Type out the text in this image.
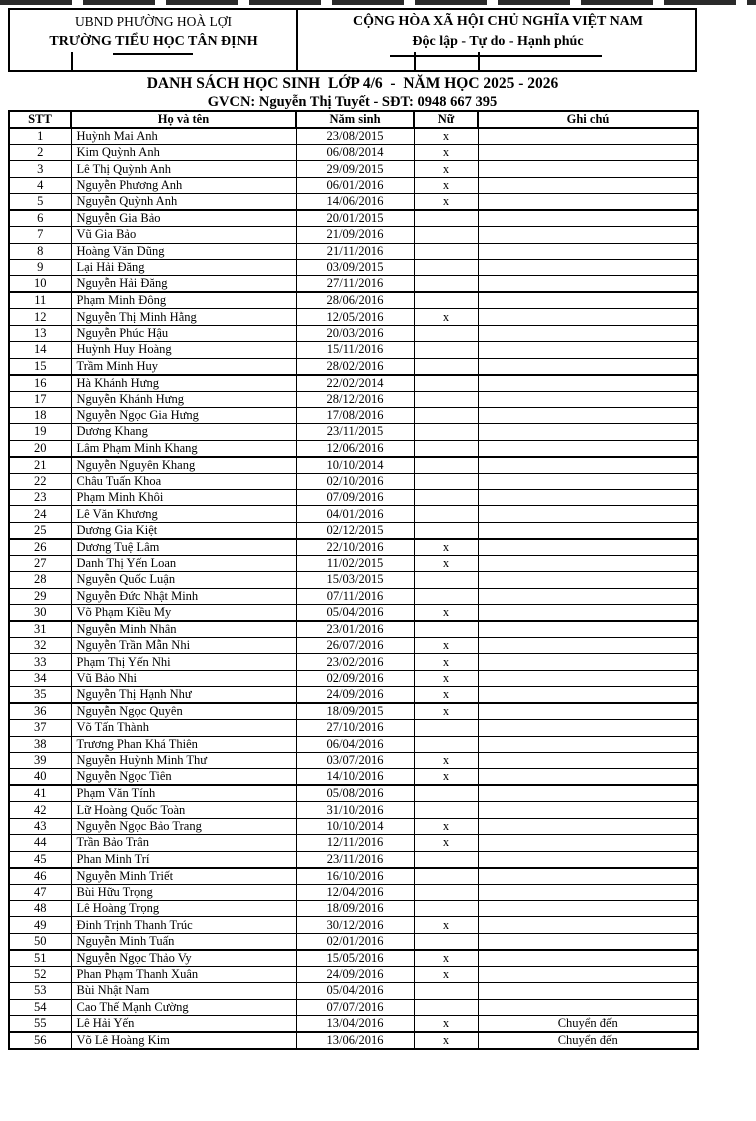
UBND PHƯỜNG HOÀ LỢI
TRƯỜNG TIỂU HỌC TÂN ĐỊNH
CỘNG HÒA XÃ HỘI CHỦ NGHĨA VIỆT NAM
Độc lập - Tự do - Hạnh phúc
DANH SÁCH HỌC SINH  LỚP 4/6  -  NĂM HỌC 2025 - 2026
GVCN: Nguyễn Thị Tuyết - SĐT: 0948 667 395
STT	Họ và tên	Năm sinh	Nữ	Ghi chú
1	Huỳnh Mai Anh	23/08/2015	x	
2	Kim Quỳnh Anh	06/08/2014	x	
3	Lê Thị Quỳnh Anh	29/09/2015	x	
4	Nguyễn Phương Anh	06/01/2016	x	
5	Nguyễn Quỳnh Anh	14/06/2016	x	
6	Nguyễn Gia Bảo	20/01/2015		
7	Vũ Gia Bảo	21/09/2016		
8	Hoàng Văn Dũng	21/11/2016		
9	Lại Hải Đăng	03/09/2015		
10	Nguyễn Hải Đăng	27/11/2016		
11	Phạm Minh Đông	28/06/2016		
12	Nguyễn Thị Minh Hằng	12/05/2016	x	
13	Nguyễn Phúc Hậu	20/03/2016		
14	Huỳnh Huy Hoàng	15/11/2016		
15	Trầm Minh Huy	28/02/2016		
16	Hà Khánh Hưng	22/02/2014		
17	Nguyễn Khánh Hưng	28/12/2016		
18	Nguyễn Ngọc Gia Hưng	17/08/2016		
19	Dương Khang	23/11/2015		
20	Lâm Phạm Minh Khang	12/06/2016		
21	Nguyễn Nguyên Khang	10/10/2014		
22	Châu Tuấn Khoa	02/10/2016		
23	Phạm Minh Khôi	07/09/2016		
24	Lê Văn Khương	04/01/2016		
25	Dương Gia Kiệt	02/12/2015		
26	Dương Tuệ Lâm	22/10/2016	x	
27	Danh Thị Yến Loan	11/02/2015	x	
28	Nguyễn Quốc Luận	15/03/2015		
29	Nguyễn Đức Nhật Minh	07/11/2016		
30	Võ Phạm Kiều My	05/04/2016	x	
31	Nguyễn Minh Nhân	23/01/2016		
32	Nguyễn Trần Mẫn Nhi	26/07/2016	x	
33	Phạm Thị Yến Nhi	23/02/2016	x	
34	Vũ Bảo Nhi	02/09/2016	x	
35	Nguyễn Thị Hạnh Như	24/09/2016	x	
36	Nguyễn Ngọc Quyên	18/09/2015	x	
37	Võ Tấn Thành	27/10/2016		
38	Trương Phan Khá Thiên	06/04/2016		
39	Nguyễn Huỳnh Minh Thư	03/07/2016	x	
40	Nguyễn Ngọc Tiên	14/10/2016	x	
41	Phạm Văn Tính	05/08/2016		
42	Lữ Hoàng Quốc Toàn	31/10/2016		
43	Nguyễn Ngọc Bảo Trang	10/10/2014	x	
44	Trần Bảo Trân	12/11/2016	x	
45	Phan Minh Trí	23/11/2016		
46	Nguyễn Minh Triết	16/10/2016		
47	Bùi Hữu Trọng	12/04/2016		
48	Lê Hoàng Trọng	18/09/2016		
49	Đinh Trịnh Thanh Trúc	30/12/2016	x	
50	Nguyễn Minh Tuấn	02/01/2016		
51	Nguyễn Ngọc Thảo Vy	15/05/2016	x	
52	Phan Phạm Thanh Xuân	24/09/2016	x	
53	Bùi Nhật Nam	05/04/2016		
54	Cao Thế Mạnh Cường	07/07/2016		
55	Lê Hải Yến	13/04/2016	x	Chuyển đến
56	Võ Lê Hoàng Kim	13/06/2016	x	Chuyển đến
